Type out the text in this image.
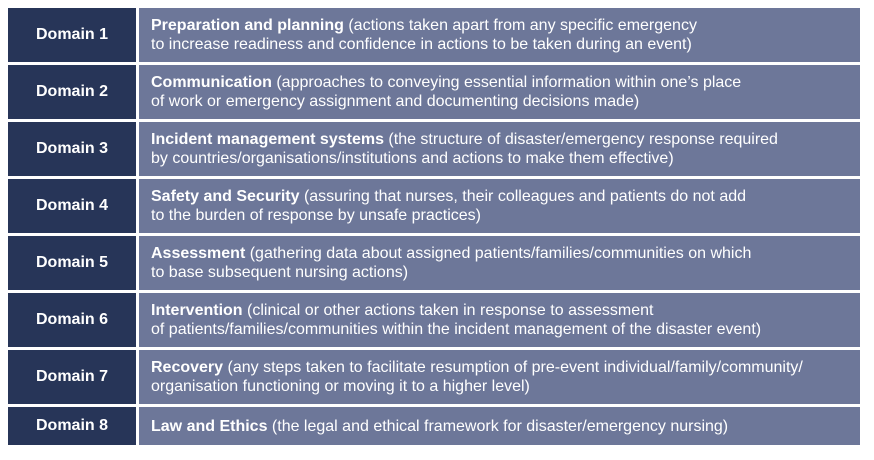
Domain 1
Preparation and planning (actions taken apart from any specific emergency
to increase readiness and confidence in actions to be taken during an event)
Domain 2
Communication (approaches to conveying essential information within one’s place
of work or emergency assignment and documenting decisions made)
Domain 3
Incident management systems (the structure of disaster/emergency response required
by countries/organisations/institutions and actions to make them effective)
Domain 4
Safety and Security (assuring that nurses, their colleagues and patients do not add
to the burden of response by unsafe practices)
Domain 5
Assessment (gathering data about assigned patients/families/communities on which
to base subsequent nursing actions)
Domain 6
Intervention (clinical or other actions taken in response to assessment
of patients/families/communities within the incident management of the disaster event)
Domain 7
Recovery (any steps taken to facilitate resumption of pre-event individual/family/community/
organisation functioning or moving it to a higher level)
Domain 8	Law and Ethics (the legal and ethical framework for disaster/emergency nursing)
